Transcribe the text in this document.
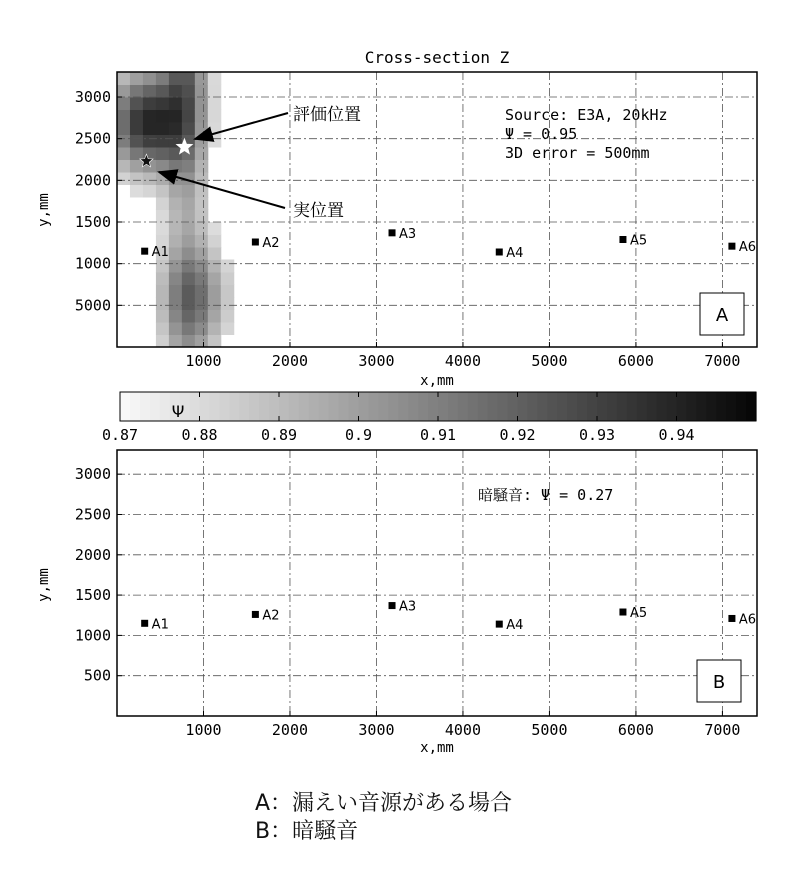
Cross-section Z
1000	2000	3000	4000	5000	6000	7000
5000
1000
1500
2000
2500
3000
x,mm
y,mm
A1
A2
A3
A4
A5	A6
Source: E3A, 20kHz
Ψ = 0.95
3D error = 500mm
評価位置
実位置
A
0.87	0.88	0.89	0.9	0.91	0.92	0.93	0.94
Ψ
1000	2000	3000	4000	5000	6000	7000
500
1000
1500
2000
2500
3000
x,mm
y,mm
A1
A2
A3
A4
A5	A6
暗騒音: Ψ = 0.27
B
A：漏えい音源がある場合
B：暗騒音
